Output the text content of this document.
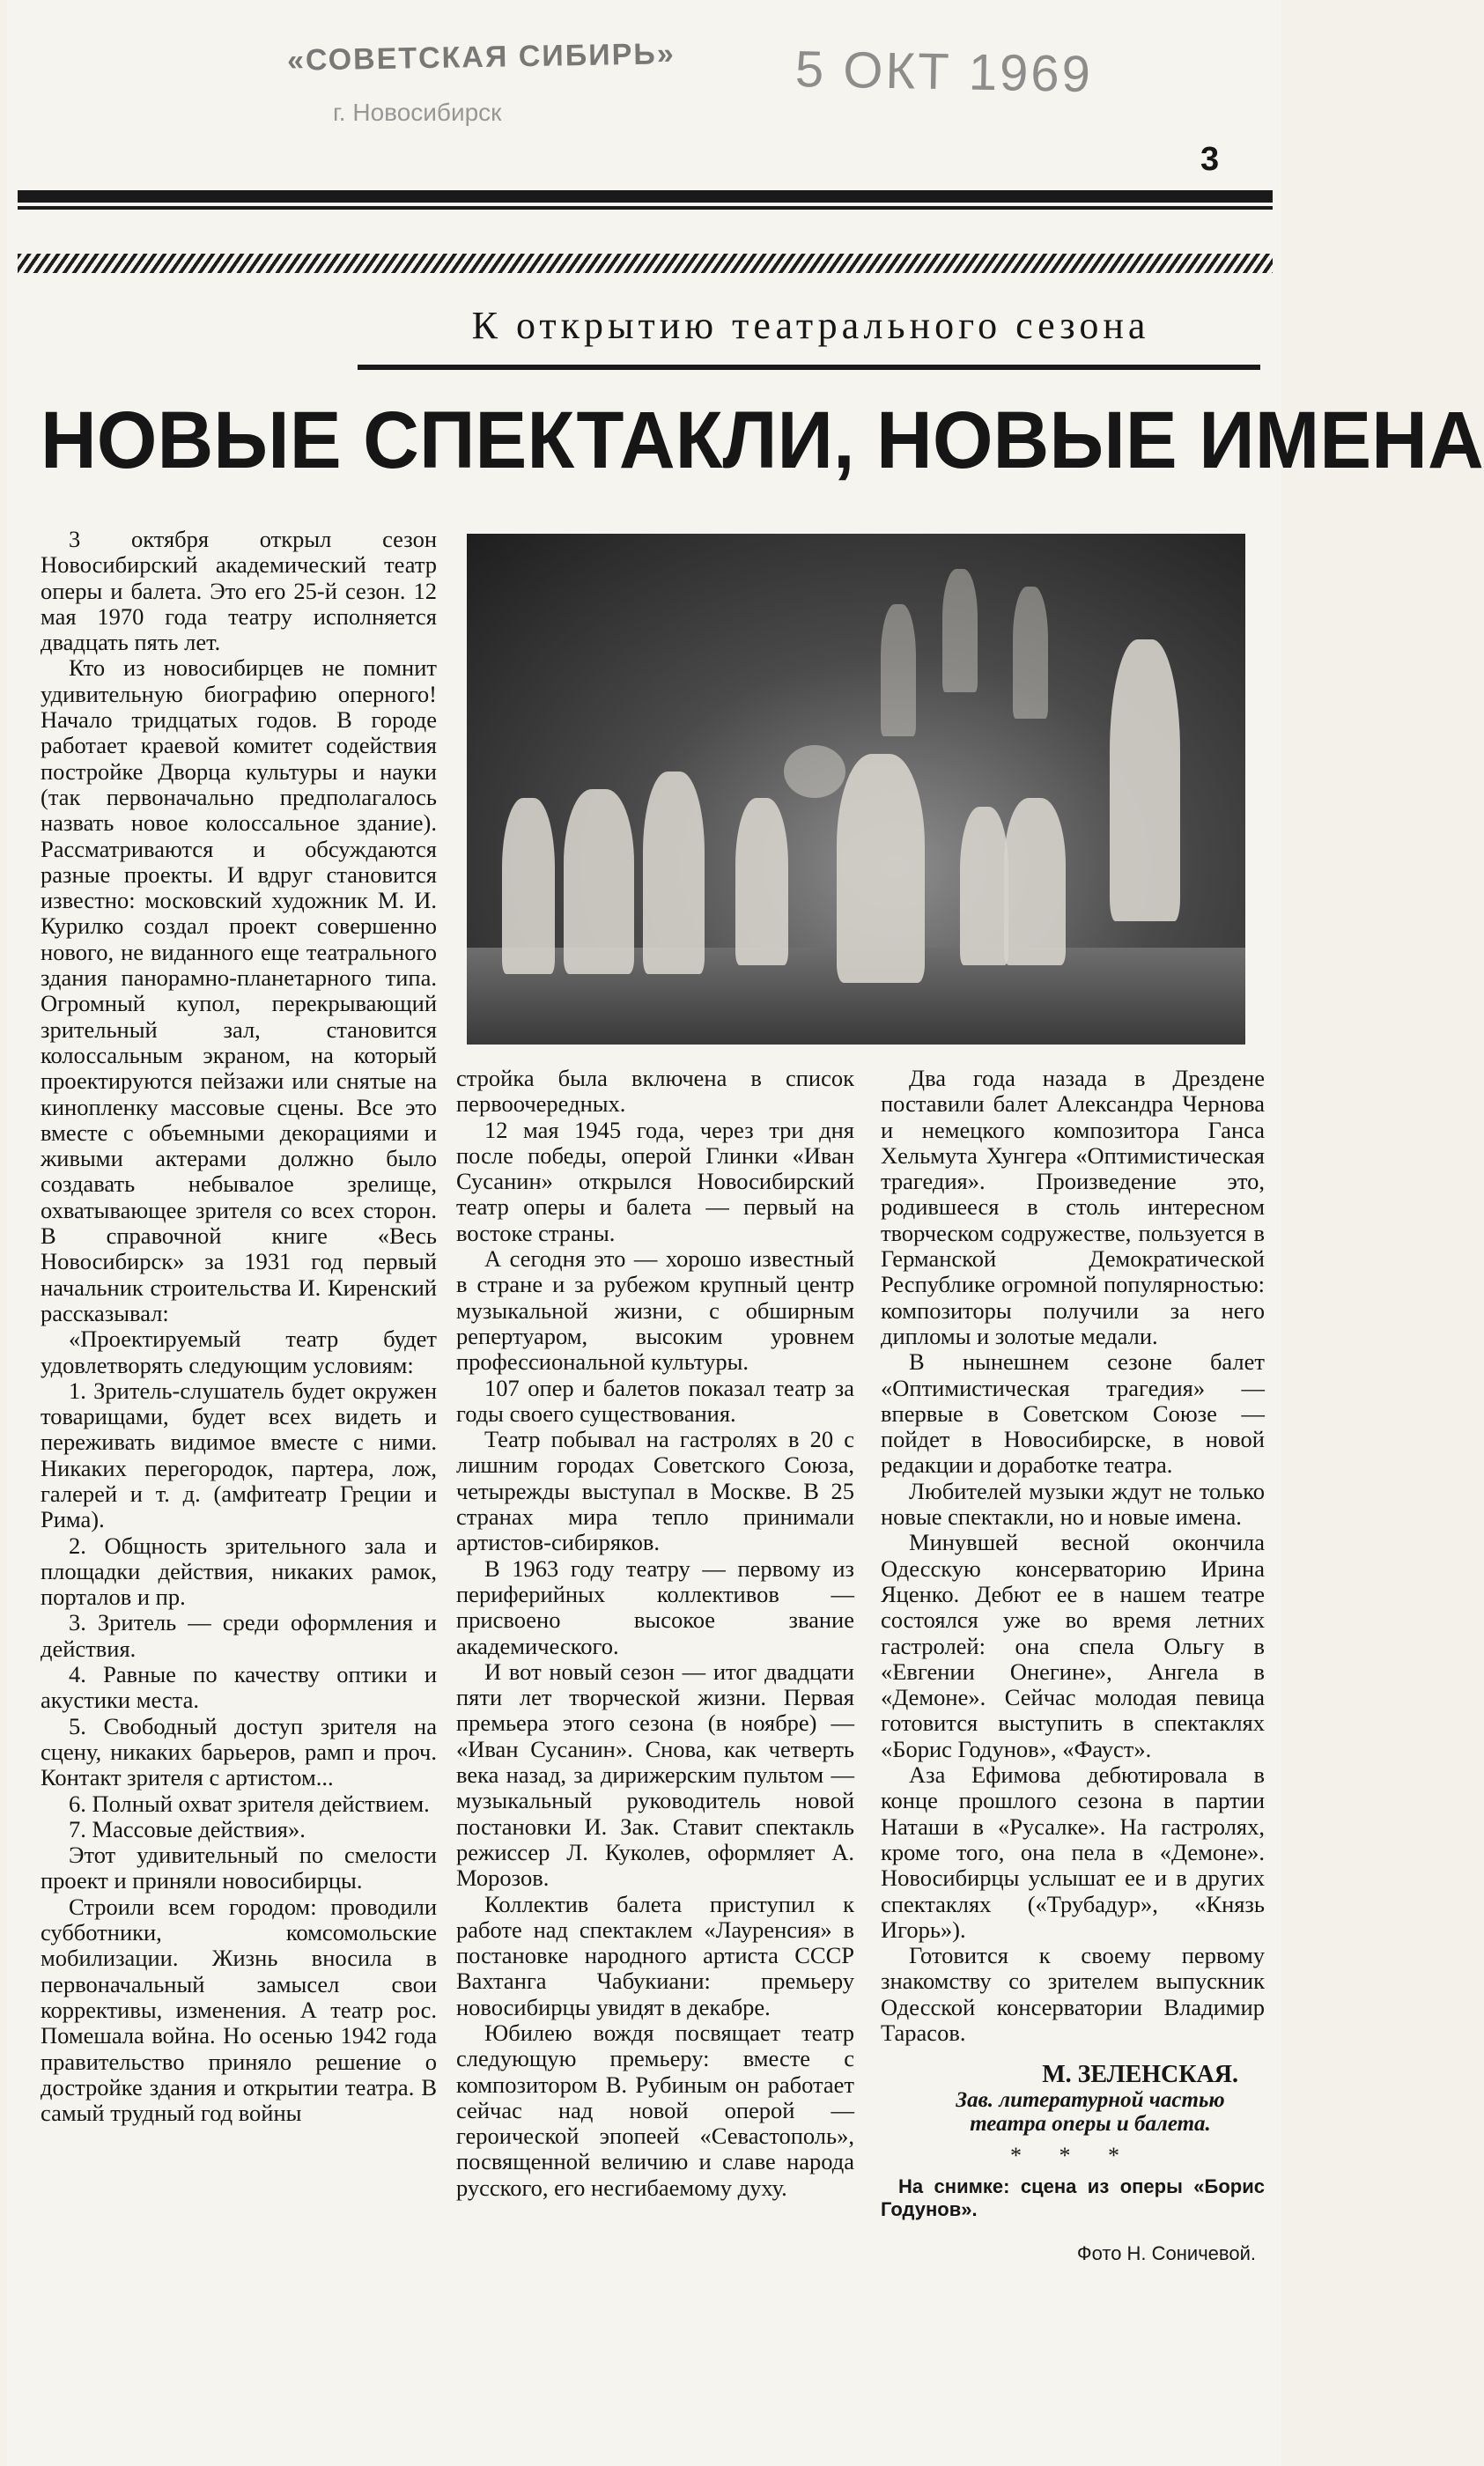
«СОВЕТСКАЯ СИБИРЬ»
г. Новосибирск
5 ОКТ 1969
3
К открытию театрального сезона
НОВЫЕ СПЕКТАКЛИ, НОВЫЕ ИМЕНА

3 октября открыл сезон Новосибирский академический театр оперы и балета. Это его 25-й сезон. 12 мая 1970 года театру исполняется двадцать пять лет.

Кто из новосибирцев не помнит удивительную биографию оперного! Начало тридцатых годов. В городе работает краевой комитет содействия постройке Дворца культуры и науки (так первоначально предполагалось назвать новое колоссальное здание). Рассматриваются и обсуждаются разные проекты. И вдруг становится известно: московский художник М. И. Курилко создал проект совершенно нового, не виданного еще театрального здания панорамно-планетарного типа. Огромный купол, перекрывающий зрительный зал, становится колоссальным экраном, на который проектируются пейзажи или снятые на кинопленку массовые сцены. Все это вместе с объемными декорациями и живыми актерами должно было создавать небывалое зрелище, охватывающее зрителя со всех сторон. В справочной книге «Весь Новосибирск» за 1931 год первый начальник строительства И. Киренский рассказывал:

«Проектируемый театр будет удовлетворять следующим условиям:

1. Зритель-слушатель будет окружен товарищами, будет всех видеть и переживать видимое вместе с ними. Никаких перегородок, партера, лож, галерей и т. д. (амфитеатр Греции и Рима).

2. Общность зрительного зала и площадки действия, никаких рамок, порталов и пр.

3. Зритель — среди оформления и действия.

4. Равные по качеству оптики и акустики места.

5. Свободный доступ зрителя на сцену, никаких барьеров, рамп и проч. Контакт зрителя с артистом...

6. Полный охват зрителя действием.

7. Массовые действия».

Этот удивительный по смелости проект и приняли новосибирцы.

Строили всем городом: проводили субботники, комсомольские мобилизации. Жизнь вносила в первоначальный замысел свои коррективы, изменения. А театр рос. Помешала война. Но осенью 1942 года правительство приняло решение о достройке здания и открытии театра. В самый трудный год войны

стройка была включена в список первоочередных.

12 мая 1945 года, через три дня после победы, оперой Глинки «Иван Сусанин» открылся Новосибирский театр оперы и балета — первый на востоке страны.

А сегодня это — хорошо известный в стране и за рубежом крупный центр музыкальной жизни, с обширным репертуаром, высоким уровнем профессиональной культуры.

107 опер и балетов показал театр за годы своего существования.

Театр побывал на гастролях в 20 с лишним городах Советского Союза, четырежды выступал в Москве. В 25 странах мира тепло принимали артистов-сибиряков.

В 1963 году театру — первому из периферийных коллективов — присвоено высокое звание академического.

И вот новый сезон — итог двадцати пяти лет творческой жизни. Первая премьера этого сезона (в ноябре) — «Иван Сусанин». Снова, как четверть века назад, за дирижерским пультом — музыкальный руководитель новой постановки И. Зак. Ставит спектакль режиссер Л. Куколев, оформляет А. Морозов.

Коллектив балета приступил к работе над спектаклем «Лауренсия» в постановке народного артиста СССР Вахтанга Чабукиани: премьеру новосибирцы увидят в декабре.

Юбилею вождя посвящает театр следующую премьеру: вместе с композитором В. Рубиным он работает сейчас над новой оперой — героической эпопеей «Севастополь», посвященной величию и славе народа русского, его несгибаемому духу.

Два года назада в Дрездене поставили балет Александра Чернова и немецкого композитора Ганса Хельмута Хунгера «Оптимистическая трагедия». Произведение это, родившееся в столь интересном творческом содружестве, пользуется в Германской Демократической Республике огромной популярностью: композиторы получили за него дипломы и золотые медали.

В нынешнем сезоне балет «Оптимистическая трагедия» — впервые в Советском Союзе — пойдет в Новосибирске, в новой редакции и доработке театра.

Любителей музыки ждут не только новые спектакли, но и новые имена.

Минувшей весной окончила Одесскую консерваторию Ирина Яценко. Дебют ее в нашем театре состоялся уже во время летних гастролей: она спела Ольгу в «Евгении Онегине», Ангела в «Демоне». Сейчас молодая певица готовится выступить в спектаклях «Борис Годунов», «Фауст».

Аза Ефимова дебютировала в конце прошлого сезона в партии Наташи в «Русалке». На гастролях, кроме того, она пела в «Демоне». Новосибирцы услышат ее и в других спектаклях («Трубадур», «Князь Игорь»).

Готовится к своему первому знакомству со зрителем выпускник Одесской консерватории Владимир Тарасов.

М. ЗЕЛЕНСКАЯ.

Зав. литературной частью театра оперы и балета.

* * *

На снимке: сцена из оперы «Борис Годунов».

Фото Н. Соничевой.
